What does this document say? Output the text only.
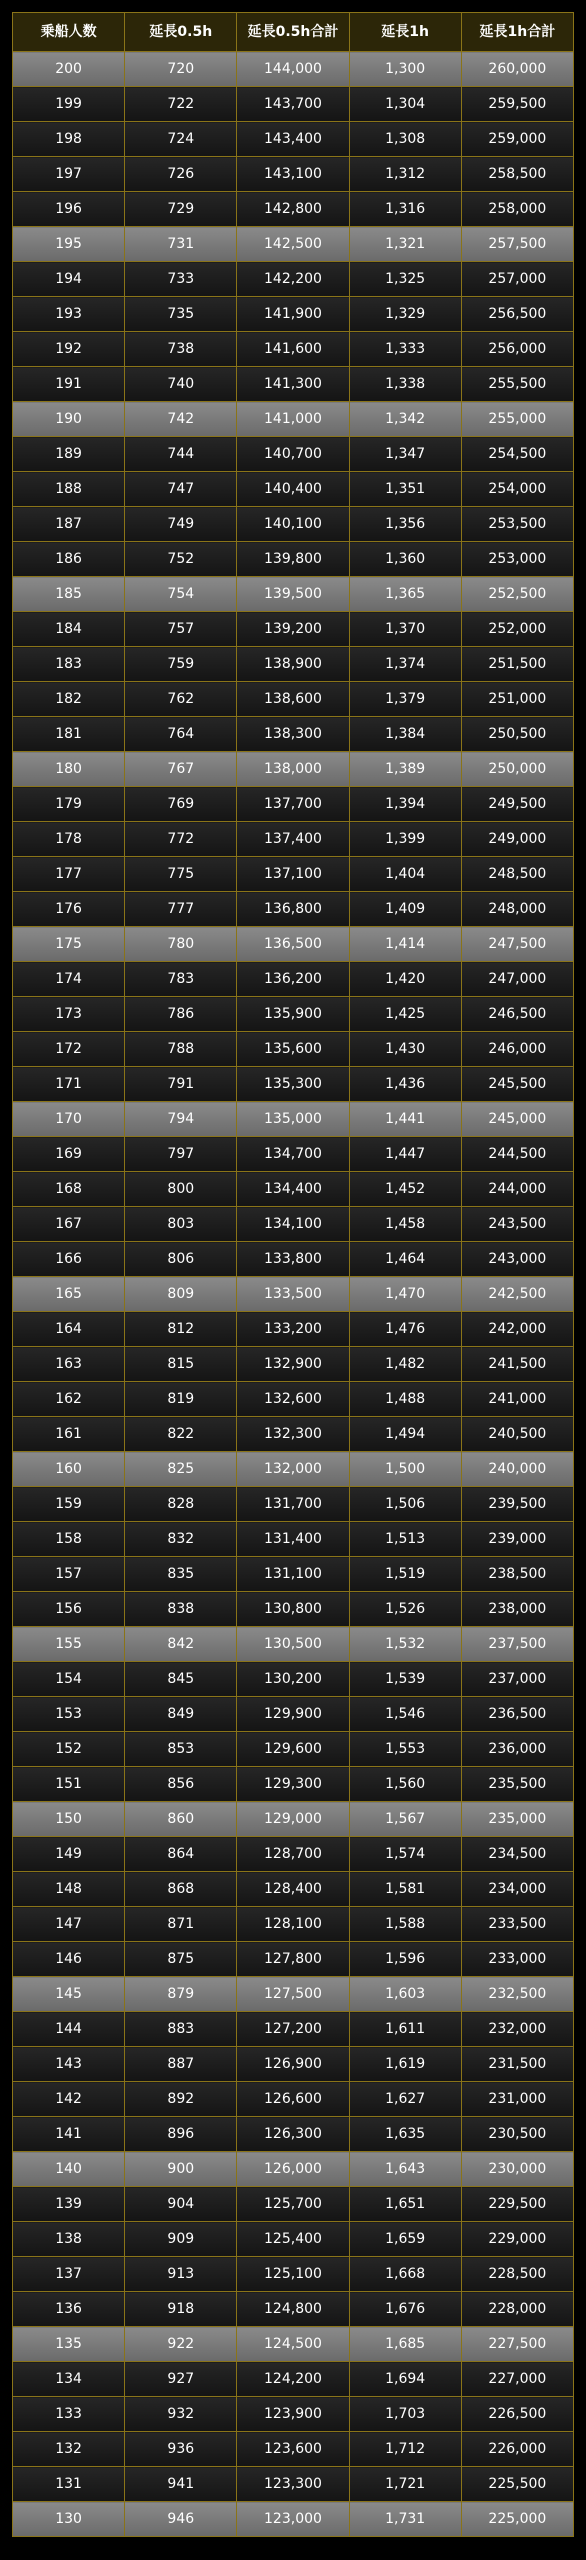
乗船人数	延長0.5h	延長0.5h合計	延長1h	延長1h合計
200	720	144,000	1,300	260,000
199	722	143,700	1,304	259,500
198	724	143,400	1,308	259,000
197	726	143,100	1,312	258,500
196	729	142,800	1,316	258,000
195	731	142,500	1,321	257,500
194	733	142,200	1,325	257,000
193	735	141,900	1,329	256,500
192	738	141,600	1,333	256,000
191	740	141,300	1,338	255,500
190	742	141,000	1,342	255,000
189	744	140,700	1,347	254,500
188	747	140,400	1,351	254,000
187	749	140,100	1,356	253,500
186	752	139,800	1,360	253,000
185	754	139,500	1,365	252,500
184	757	139,200	1,370	252,000
183	759	138,900	1,374	251,500
182	762	138,600	1,379	251,000
181	764	138,300	1,384	250,500
180	767	138,000	1,389	250,000
179	769	137,700	1,394	249,500
178	772	137,400	1,399	249,000
177	775	137,100	1,404	248,500
176	777	136,800	1,409	248,000
175	780	136,500	1,414	247,500
174	783	136,200	1,420	247,000
173	786	135,900	1,425	246,500
172	788	135,600	1,430	246,000
171	791	135,300	1,436	245,500
170	794	135,000	1,441	245,000
169	797	134,700	1,447	244,500
168	800	134,400	1,452	244,000
167	803	134,100	1,458	243,500
166	806	133,800	1,464	243,000
165	809	133,500	1,470	242,500
164	812	133,200	1,476	242,000
163	815	132,900	1,482	241,500
162	819	132,600	1,488	241,000
161	822	132,300	1,494	240,500
160	825	132,000	1,500	240,000
159	828	131,700	1,506	239,500
158	832	131,400	1,513	239,000
157	835	131,100	1,519	238,500
156	838	130,800	1,526	238,000
155	842	130,500	1,532	237,500
154	845	130,200	1,539	237,000
153	849	129,900	1,546	236,500
152	853	129,600	1,553	236,000
151	856	129,300	1,560	235,500
150	860	129,000	1,567	235,000
149	864	128,700	1,574	234,500
148	868	128,400	1,581	234,000
147	871	128,100	1,588	233,500
146	875	127,800	1,596	233,000
145	879	127,500	1,603	232,500
144	883	127,200	1,611	232,000
143	887	126,900	1,619	231,500
142	892	126,600	1,627	231,000
141	896	126,300	1,635	230,500
140	900	126,000	1,643	230,000
139	904	125,700	1,651	229,500
138	909	125,400	1,659	229,000
137	913	125,100	1,668	228,500
136	918	124,800	1,676	228,000
135	922	124,500	1,685	227,500
134	927	124,200	1,694	227,000
133	932	123,900	1,703	226,500
132	936	123,600	1,712	226,000
131	941	123,300	1,721	225,500
130	946	123,000	1,731	225,000
